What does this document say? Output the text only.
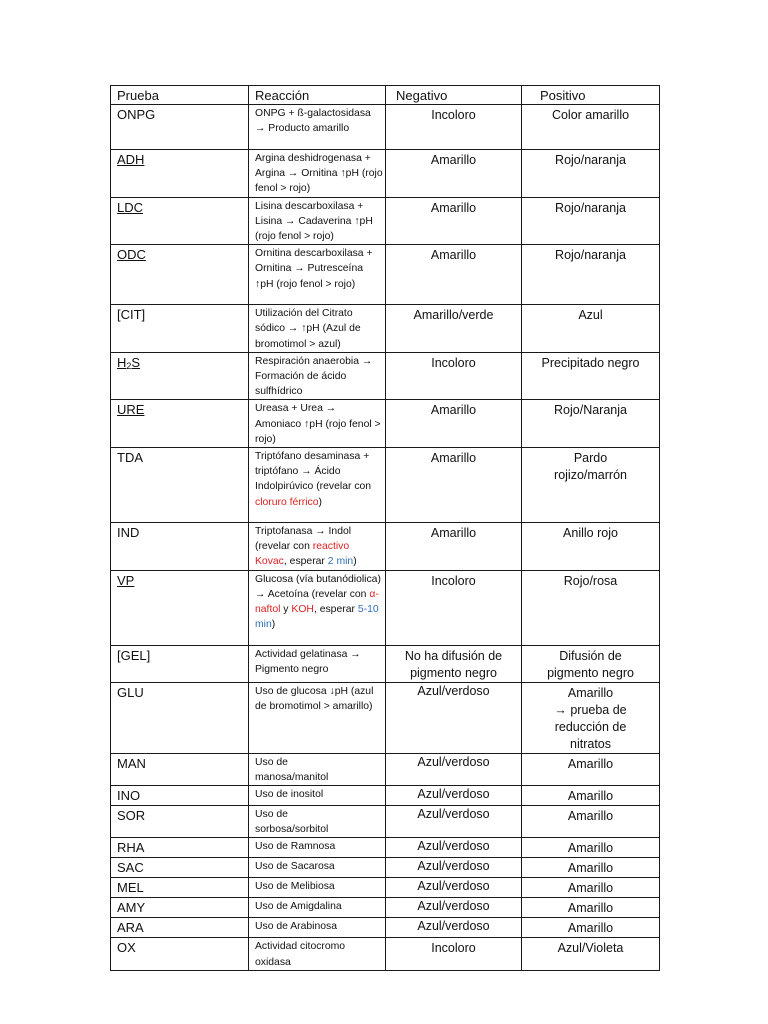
Prueba	Reacción	Negativo	Positivo

ONPG	ONPG + ß-galactosidasa → Producto amarillo	Incoloro	Color amarillo

ADH	Argina deshidrogenasa + Argina → Ornitina ↑pH (rojo fenol > rojo)	Amarillo	Rojo/naranja

LDC	Lisina descarboxilasa + Lisina → Cadaverina ↑pH (rojo fenol > rojo)	Amarillo	Rojo/naranja

ODC	Ornitina descarboxilasa + Ornitina → Putresceína ↑pH (rojo fenol > rojo)	Amarillo	Rojo/naranja

[CIT]	Utilización del Citrato sódico → ↑pH (Azul de bromotimol > azul)	Amarillo/verde	Azul

$H_2S$	Respiración anaerobia → Formación de ácido sulfhídrico	Incoloro	Precipitado negro

URE	Ureasa + Urea → Amoniaco ↑pH (rojo fenol > rojo)	Amarillo	Rojo/Naranja

TDA	Triptófano desaminasa + triptófano → Ácido Indolpirúvico (revelar con cloruro férrico)	Amarillo	Pardo rojizo/marrón

IND	Triptofanasa → Indol (revelar con reactivo Kovac, esperar 2 min)	Amarillo	Anillo rojo

VP	Glucosa (vía butanódiolica) → Acetoína (revelar con α-naftol y KOH, esperar 5-10 min)	Incoloro	Rojo/rosa

[GEL]	Actividad gelatinasa → Pigmento negro	No ha difusión de pigmento negro	Difusión de pigmento negro

GLU	Uso de glucosa ↓pH (azul de bromotimol > amarillo)	Azul/verdoso	Amarillo
→ prueba de reducción de nitratos

MAN	Uso de manosa/manitol	Azul/verdoso	Amarillo

INO	Uso de inositol	Azul/verdoso	Amarillo

SOR	Uso de sorbosa/sorbitol	Azul/verdoso	Amarillo

RHA	Uso de Ramnosa	Azul/verdoso	Amarillo

SAC	Uso de Sacarosa	Azul/verdoso	Amarillo

MEL	Uso de Melibiosa	Azul/verdoso	Amarillo

AMY	Uso de Amigdalina	Azul/verdoso	Amarillo

ARA	Uso de Arabinosa	Azul/verdoso	Amarillo

OX	Actividad citocromo oxidasa	Incoloro	Azul/Violeta
